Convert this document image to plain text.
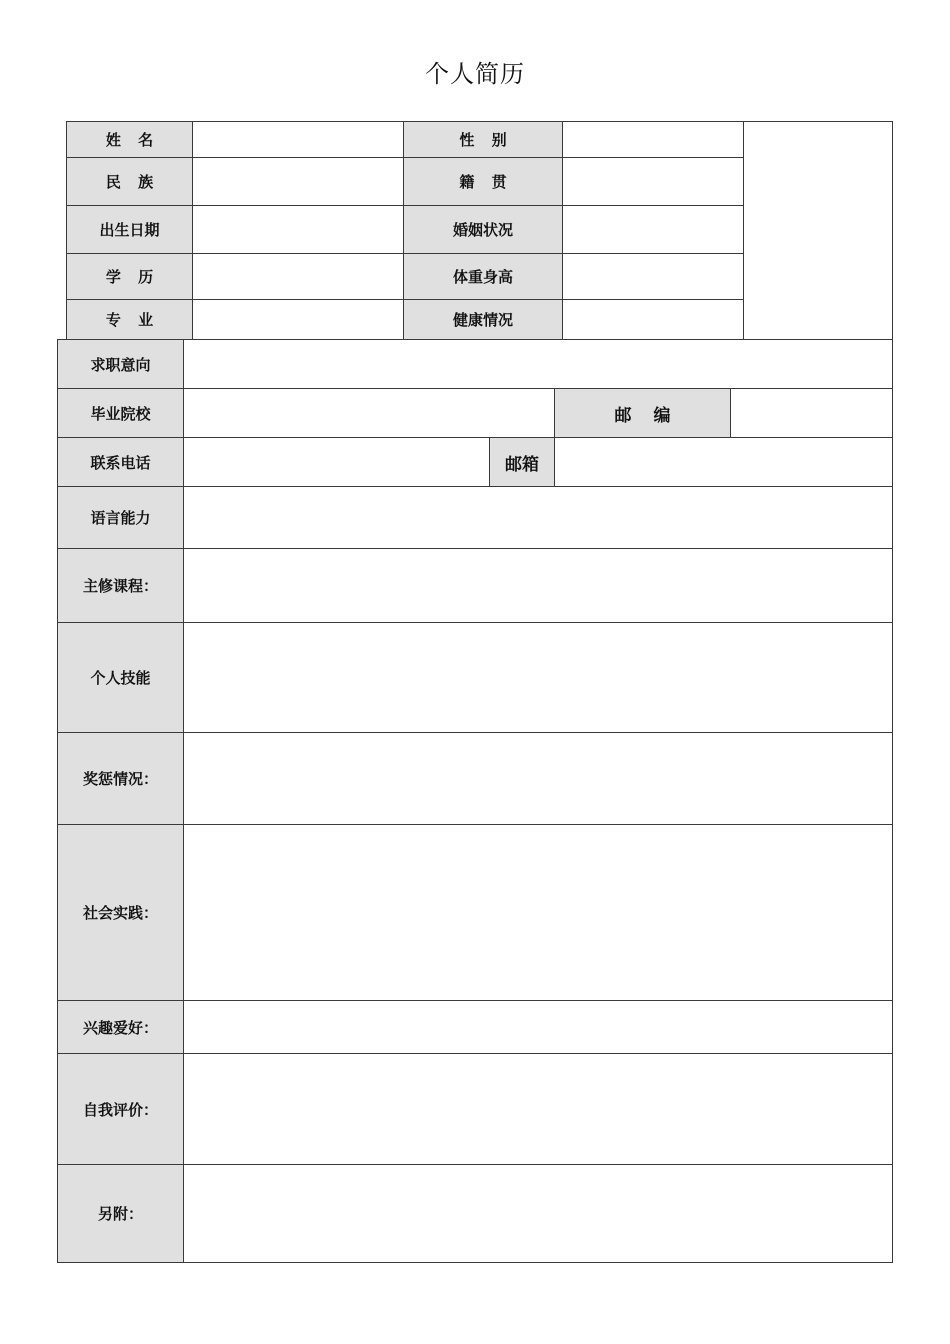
个人简历
姓 名	性 别
民 族	籍 贯
出生日期	婚姻状况
学 历	体重身高
专 业	健康情况
求职意向
毕业院校	邮 编
联系电话	邮箱
语言能力
主修课程：
个人技能
奖惩情况：
社会实践：
兴趣爱好：
自我评价：
另附：
